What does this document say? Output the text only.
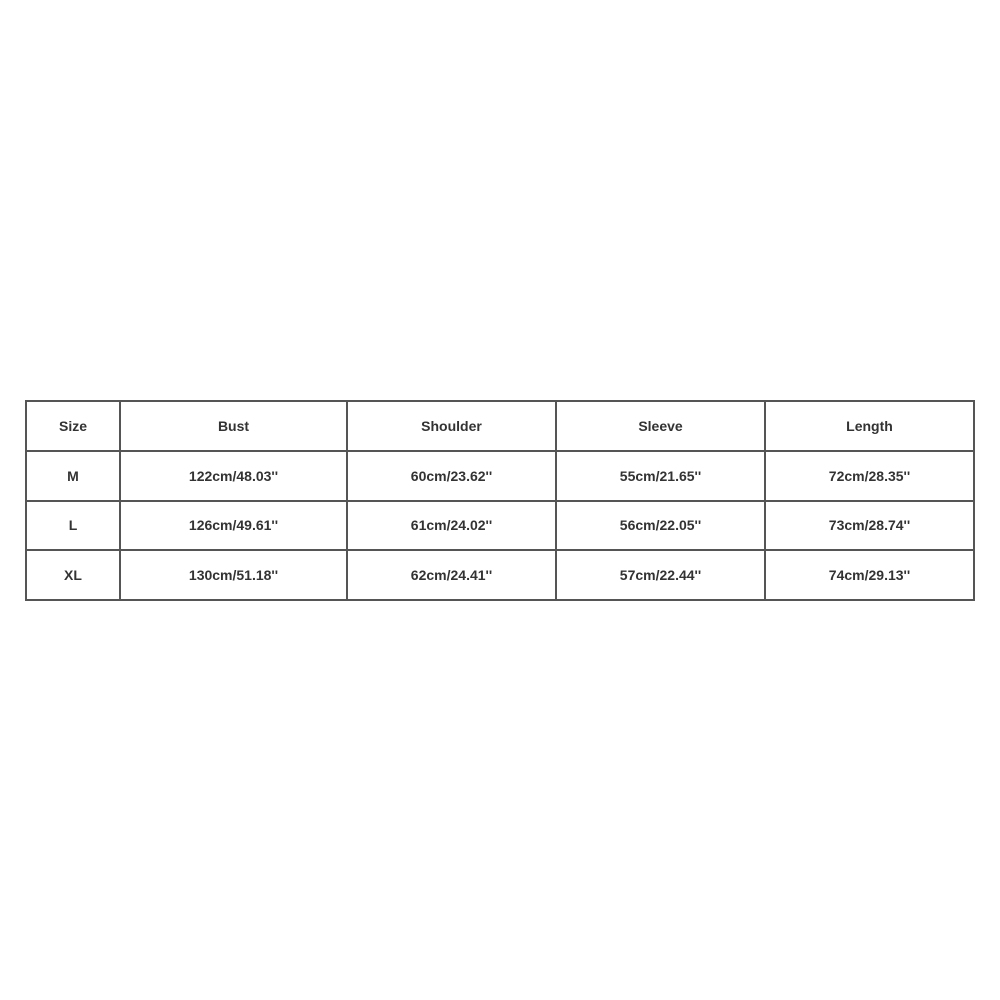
Size	Bust	Shoulder	Sleeve	Length
M	122cm/48.03''	60cm/23.62''	55cm/21.65''	72cm/28.35''
L	126cm/49.61''	61cm/24.02''	56cm/22.05''	73cm/28.74''
XL	130cm/51.18''	62cm/24.41''	57cm/22.44''	74cm/29.13''
